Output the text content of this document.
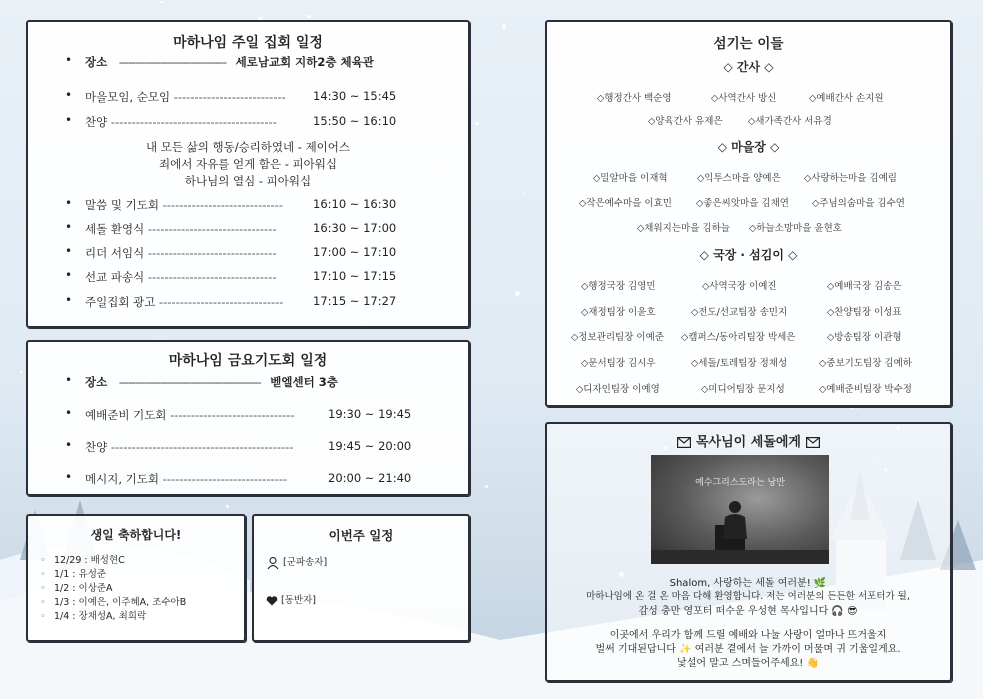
마하나임 주일 집회 일정
• 장소 ---------------------------------- 세로남교회 지하2층 체육관
• 마을모임, 순모임 --------------------------- 14:30 ~ 15:45
• 찬양 ----------------------------------------	15:50 ~ 16:10
내 모든 삶의 행동/승리하였네 - 제이어스
죄에서 자유를 얻게 함은 - 피아워십
하나님의 열심 - 피아워십
• 말씀 및 기도회 -----------------------------	16:10 ~ 16:30
• 세돌 환영식 -------------------------------	16:30 ~ 17:00
• 리더 서임식 -------------------------------	17:00 ~ 17:10
• 선교 파송식 -------------------------------	17:10 ~ 17:15
• 주일집회 광고 ------------------------------	17:15 ~ 17:27
마하나임 금요기도회 일정
• 장소 --------------------------------------------- 벧엘센터 3층
• 예배준비 기도회 ------------------------------	19:30 ~ 19:45
• 찬양 --------------------------------------------	19:45 ~ 20:00
• 메시지, 기도회 ------------------------------	20:00 ~ 21:40
생일 축하합니다!
◦ 12/29 : 배성현C
◦ 1/1 : 유성준
◦ 1/2 : 이상준A
◦ 1/3 : 이예은, 이주혜A, 조수아B
◦ 1/4 : 장채성A, 최희락
이번주 일정
[군파송자]
[동반자]
섬기는 이들
◇ 간사 ◇
◇행정간사 백순영	◇사역간사 방신	◇예배간사 손지원
◇양육간사 유제은	◇새가족간사 서유경
◇ 마을장 ◇
◇밀알마을 이재혁	◇익투스마을 양예은 ◇사랑하는마을 김예림
◇작은예수마을 이효민	◇좋은씨앗마을 김채연 ◇주님의숨마을 김수연
◇채워지는마을 김하늘 ◇하늘소망마을 윤현호
◇ 국장 · 섬김이 ◇
◇행정국장 김영민	◇사역국장 이예진	◇예배국장 김송은
◇재정팀장 이윤호	◇전도/선교팀장 송민지	◇찬양팀장 이성표
◇정보관리팀장 이예준 ◇캠퍼스/동아리팀장 박세은	◇방송팀장 이관형
◇문서팀장 김시우	◇세돌/토레팀장 정채성	◇중보기도팀장 김예하
◇디자인팀장 이예영	◇미디어팀장 문지성	◇예배준비팀장 박수정
목사님이 세돌에게
예수그리스도라는 낭만
Shalom, 사랑하는 세돌 여러분! 🌿
마하나임에 온 걸 온 마음 다해 환영합니다. 저는 여러분의 든든한 서포터가 될,
감성 충만 영포터 떠수운 우성현 목사입니다 🎧 😎
이곳에서 우리가 함께 드릴 예배와 나눌 사랑이 얼마나 뜨거울지
벌써 기대된답니다 ✨ 여러분 곁에서 늘 가까이 머물며 귀 기울일게요.
낯설어 말고 스며들어주세요! 👋
